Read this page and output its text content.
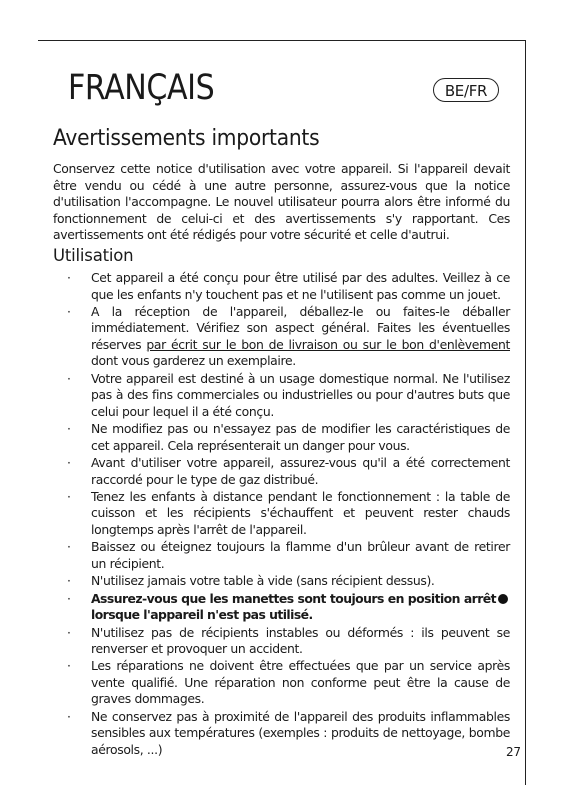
FRANÇAIS	BE/FR
Avertissements importants

Conservez cette notice d'utilisation avec votre appareil. Si l'appareil devait être vendu ou cédé à une autre personne, assurez-vous que la notice d'utilisation l'accompagne. Le nouvel utilisateur pourra alors être informé du fonctionnement de celui-ci et des avertissements s'y rapportant. Ces avertissements ont été rédigés pour votre sécurité et celle d'autrui.

Utilisation
· Cet appareil a été conçu pour être utilisé par des adultes. Veillez à ce que les enfants n'y touchent pas et ne l'utilisent pas comme un jouet.
· A la réception de l'appareil, déballez-le ou faites-le déballer immédiatement. Vérifiez son aspect général. Faites les éventuelles réserves par écrit sur le bon de livraison ou sur le bon d'enlèvement dont vous garderez un exemplaire.
· Votre appareil est destiné à un usage domestique normal. Ne l'utilisez pas à des fins commerciales ou industrielles ou pour d'autres buts que celui pour lequel il a été conçu.
· Ne modifiez pas ou n'essayez pas de modifier les caractéristiques de cet appareil. Cela représenterait un danger pour vous.
· Avant d'utiliser votre appareil, assurez-vous qu'il a été correctement raccordé pour le type de gaz distribué.
· Tenez les enfants à distance pendant le fonctionnement : la table de cuisson et les récipients s'échauffent et peuvent rester chauds longtemps après l'arrêt de l'appareil.
· Baissez ou éteignez toujours la flamme d'un brûleur avant de retirer un récipient.
· N'utilisez jamais votre table à vide (sans récipient dessus).
· Assurez-vous que les manettes sont toujours en position arrêt lorsque l'appareil n'est pas utilisé.
· N'utilisez pas de récipients instables ou déformés : ils peuvent se renverser et provoquer un accident.
· Les réparations ne doivent être effectuées que par un service après vente qualifié. Une réparation non conforme peut être la cause de graves dommages.
· Ne conservez pas à proximité de l'appareil des produits inflammables sensibles aux températures (exemples : produits de nettoyage, bombe aérosols, ...)	27
